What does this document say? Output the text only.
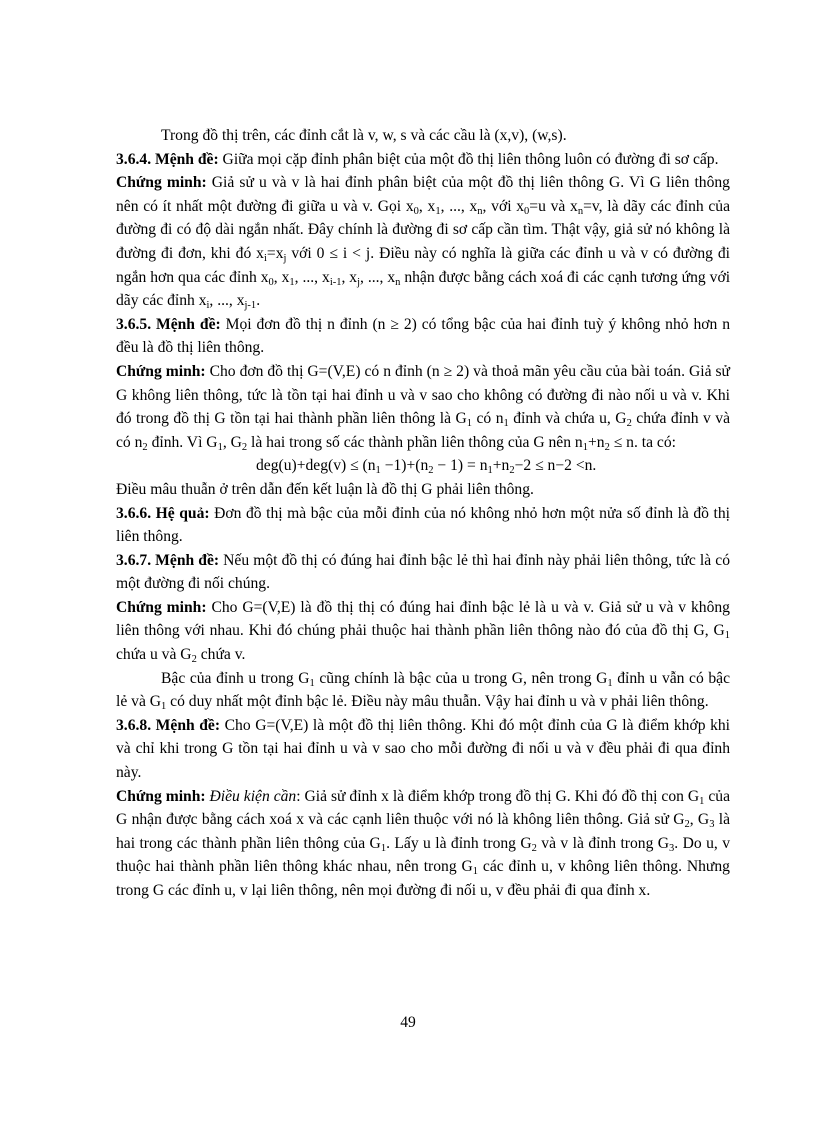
Trong đồ thị trên, các đỉnh cắt là v, w, s và các cầu là (x,v), (w,s).

3.6.4. Mệnh đề: Giữa mọi cặp đỉnh phân biệt của một đồ thị liên thông luôn có đường đi sơ cấp.

Chứng minh: Giả sử u và v là hai đỉnh phân biệt của một đồ thị liên thông G. Vì G liên thông nên có ít nhất một đường đi giữa u và v. Gọi $x_0$, $x_1$, ..., $x_n$, với $x_0=u$ và $x_n=v$, là dãy các đỉnh của đường đi có độ dài ngắn nhất. Đây chính là đường đi sơ cấp cần tìm. Thật vậy, giả sử nó không là đường đi đơn, khi đó $x_i=x_j$ với 0 ≤ i < j. Điều này có nghĩa là giữa các đỉnh u và v có đường đi ngắn hơn qua các đỉnh $x_0$, $x_1$, ..., $x_{i-1}$, $x_j$, ..., $x_n$ nhận được bằng cách xoá đi các cạnh tương ứng với dãy các đỉnh $x_i$, ..., $x_{j-1}$.

3.6.5. Mệnh đề: Mọi đơn đồ thị n đỉnh (n ≥ 2) có tổng bậc của hai đỉnh tuỳ ý không nhỏ hơn n đều là đồ thị liên thông.

Chứng minh: Cho đơn đồ thị G=(V,E) có n đỉnh (n ≥ 2) và thoả mãn yêu cầu của bài toán. Giả sử G không liên thông, tức là tồn tại hai đỉnh u và v sao cho không có đường đi nào nối u và v. Khi đó trong đồ thị G tồn tại hai thành phần liên thông là $G_1$ có $n_1$ đỉnh và chứa u, $G_2$ chứa đỉnh v và có $n_2$ đỉnh. Vì $G_1$, $G_2$ là hai trong số các thành phần liên thông của G nên $n_1+n_2 \le n$. ta có:

$deg(u)+deg(v) \le (n_1 -1)+(n_2 - 1) = n_1+n_2-2 \le n-2 <n$.

Điều mâu thuẫn ở trên dẫn đến kết luận là đồ thị G phải liên thông.

3.6.6. Hệ quả: Đơn đồ thị mà bậc của mỗi đỉnh của nó không nhỏ hơn một nửa số đỉnh là đồ thị liên thông.

3.6.7. Mệnh đề: Nếu một đồ thị có đúng hai đỉnh bậc lẻ thì hai đỉnh này phải liên thông, tức là có một đường đi nối chúng.

Chứng minh: Cho G=(V,E) là đồ thị thị có đúng hai đỉnh bậc lẻ là u và v. Giả sử u và v không liên thông với nhau. Khi đó chúng phải thuộc hai thành phần liên thông nào đó của đồ thị G, $G_1$ chứa u và $G_2$ chứa v.

Bậc của đỉnh u trong $G_1$ cũng chính là bậc của u trong G, nên trong $G_1$ đỉnh u vẫn có bậc lẻ và $G_1$ có duy nhất một đỉnh bậc lẻ. Điều này mâu thuẫn. Vậy hai đỉnh u và v phải liên thông.

3.6.8. Mệnh đề: Cho G=(V,E) là một đồ thị liên thông. Khi đó một đỉnh của G là điểm khớp khi và chỉ khi trong G tồn tại hai đỉnh u và v sao cho mỗi đường đi nối u và v đều phải đi qua đỉnh này.

Chứng minh: Điều kiện cần: Giả sử đỉnh x là điểm khớp trong đồ thị G. Khi đó đồ thị con $G_1$ của G nhận được bằng cách xoá x và các cạnh liên thuộc với nó là không liên thông. Giả sử $G_2$, $G_3$ là hai trong các thành phần liên thông của $G_1$. Lấy u là đỉnh trong $G_2$ và v là đỉnh trong $G_3$. Do u, v thuộc hai thành phần liên thông khác nhau, nên trong $G_1$ các đỉnh u, v không liên thông. Nhưng trong G các đỉnh u, v lại liên thông, nên mọi đường đi nối u, v đều phải đi qua đỉnh x.

49
